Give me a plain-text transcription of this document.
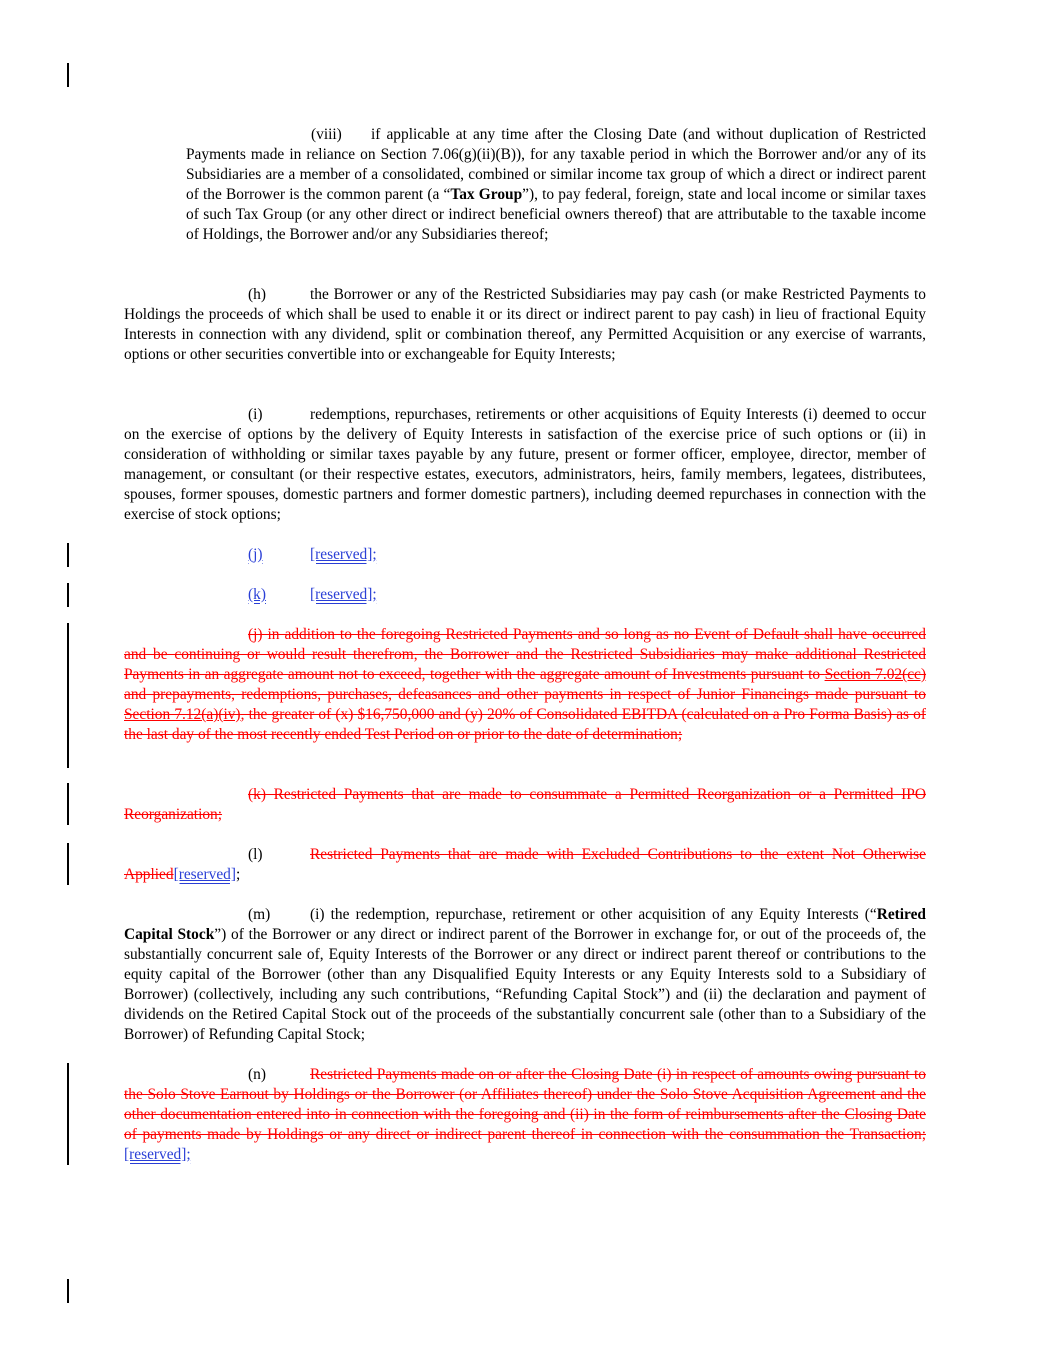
(viii) if applicable at any time after the Closing Date (and without duplication of Restricted Payments made in reliance on Section 7.06(g)(ii)(B)), for any taxable period in which the Borrower and/or any of its Subsidiaries are a member of a consolidated, combined or similar income tax group of which a direct or indirect parent of the Borrower is the common parent (a “Tax Group”), to pay federal, foreign, state and local income or similar taxes of such Tax Group (or any other direct or indirect beneficial owners thereof) that are attributable to the taxable income of Holdings, the Borrower and/or any Subsidiaries thereof;

(h)	the Borrower or any of the Restricted Subsidiaries may pay cash (or make Restricted Payments to Holdings the proceeds of which shall be used to enable it or its direct or indirect parent to pay cash) in lieu of fractional Equity Interests in connection with any dividend, split or combination thereof, any Permitted Acquisition or any exercise of warrants, options or other securities convertible into or exchangeable for Equity Interests;

(i)	redemptions, repurchases, retirements or other acquisitions of Equity Interests (i) deemed to occur on the exercise of options by the delivery of Equity Interests in satisfaction of the exercise price of such options or (ii) in consideration of withholding or similar taxes payable by any future, present or former officer, employee, director, member of management, or consultant (or their respective estates, executors, administrators, heirs, family members, legatees, distributees, spouses, former spouses, domestic partners and former domestic partners), including deemed repurchases in connection with the exercise of stock options;

(j)	[reserved];

(k)	[reserved];

(j) in addition to the foregoing Restricted Payments and so long as no Event of Default shall have occurred and be continuing or would result therefrom, the Borrower and the Restricted Subsidiaries may make additional Restricted Payments in an aggregate amount not to exceed, together with the aggregate amount of Investments pursuant to Section 7.02(cc) and prepayments, redemptions, purchases, defeasances and other payments in respect of Junior Financings made pursuant to Section 7.12(a)(iv), the greater of (x) $16,750,000 and (y) 20% of Consolidated EBITDA (calculated on a Pro Forma Basis) as of the last day of the most recently ended Test Period on or prior to the date of determination;

(k) Restricted Payments that are made to consummate a Permitted Reorganization or a Permitted IPO Reorganization;

(l)	Restricted Payments that are made with Excluded Contributions to the extent Not Otherwise Applied[reserved];

(m)	(i) the redemption, repurchase, retirement or other acquisition of any Equity Interests (“Retired Capital Stock”) of the Borrower or any direct or indirect parent of the Borrower in exchange for, or out of the proceeds of, the substantially concurrent sale of, Equity Interests of the Borrower or any direct or indirect parent thereof or contributions to the equity capital of the Borrower (other than any Disqualified Equity Interests or any Equity Interests sold to a Subsidiary of Borrower) (collectively, including any such contributions, “Refunding Capital Stock”) and (ii) the declaration and payment of dividends on the Retired Capital Stock out of the proceeds of the substantially concurrent sale (other than to a Subsidiary of the Borrower) of Refunding Capital Stock;

(n)	Restricted Payments made on or after the Closing Date (i) in respect of amounts owing pursuant to the Solo Stove Earnout by Holdings or the Borrower (or Affiliates thereof) under the Solo Stove Acquisition Agreement and the other documentation entered into in connection with the foregoing and (ii) in the form of reimbursements after the Closing Date of payments made by Holdings or any direct or indirect parent thereof in connection with the consummation the Transaction;[reserved];
